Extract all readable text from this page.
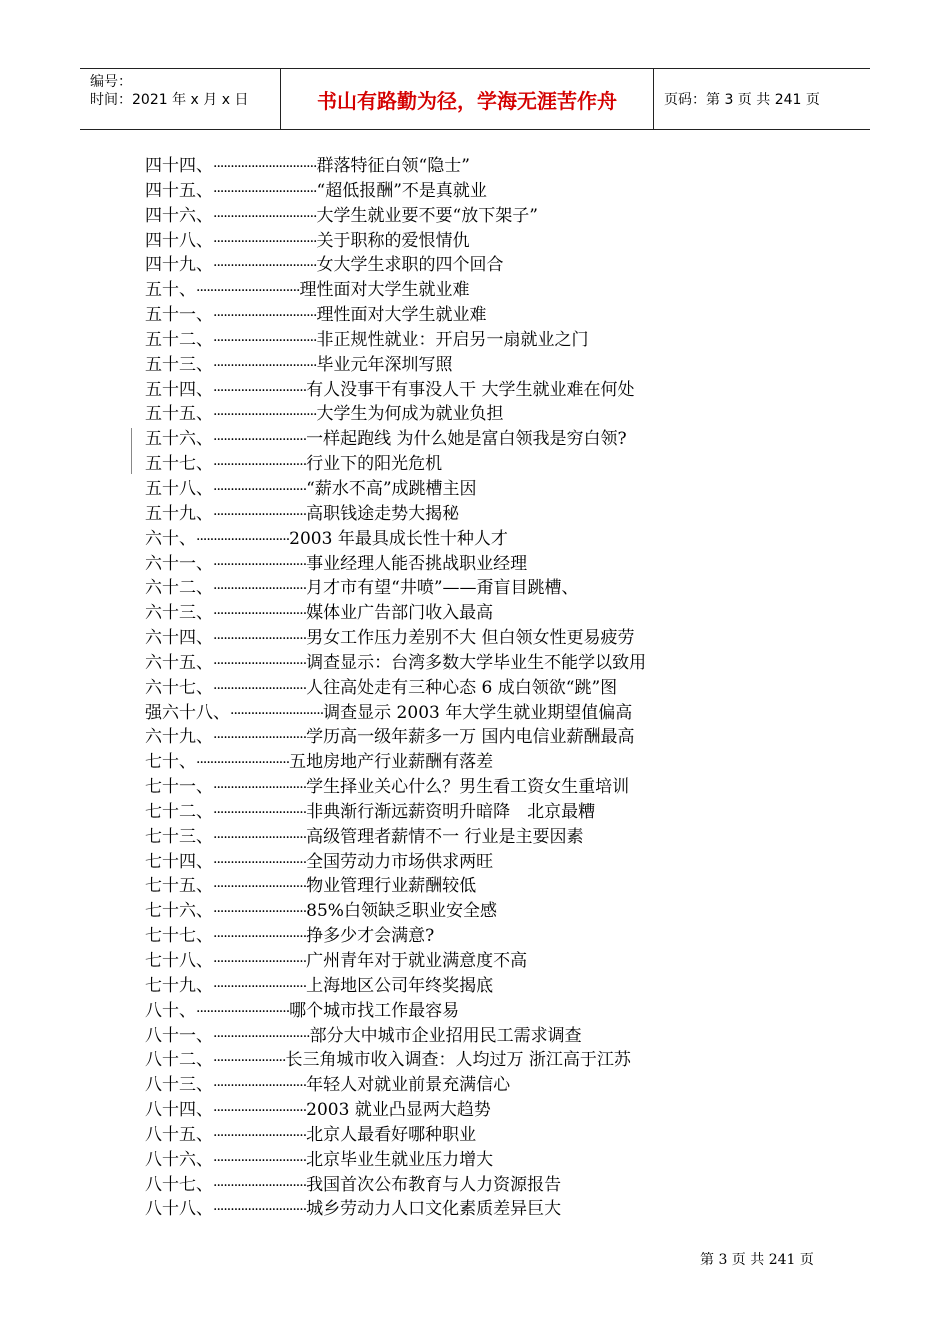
编号：
时间：2021 年 x 月 x 日	书山有路勤为径，学海无涯苦作舟	页码：第 3 页 共 241 页
四十四、······························群落特征白领“隐士”
四十五、······························“超低报酬”不是真就业
四十六、······························大学生就业要不要“放下架子”
四十八、······························关于职称的爱恨情仇
四十九、······························女大学生求职的四个回合
五十、······························理性面对大学生就业难
五十一、······························理性面对大学生就业难
五十二、······························非正规性就业：开启另一扇就业之门
五十三、······························毕业元年深圳写照
五十四、···························有人没事干有事没人干 大学生就业难在何处
五十五、······························大学生为何成为就业负担
五十六、···························一样起跑线 为什么她是富白领我是穷白领?
五十七、···························行业下的阳光危机
五十八、···························“薪水不高”成跳槽主因
五十九、···························高职钱途走势大揭秘
六十、···························2003 年最具成长性十种人才
六十一、···························事业经理人能否挑战职业经理
六十二、···························月才市有望“井喷”——甭盲目跳槽、
六十三、···························媒体业广告部门收入最高
六十四、···························男女工作压力差别不大 但白领女性更易疲劳
六十五、···························调查显示：台湾多数大学毕业生不能学以致用
六十七、···························人往高处走有三种心态 6 成白领欲“跳”图
强六十八、···························调查显示 2003 年大学生就业期望值偏高
六十九、···························学历高一级年薪多一万 国内电信业薪酬最高
七十、···························五地房地产行业薪酬有落差
七十一、···························学生择业关心什么？男生看工资女生重培训
七十二、···························非典渐行渐远薪资明升暗降　北京最糟
七十三、···························高级管理者薪情不一 行业是主要因素
七十四、···························全国劳动力市场供求两旺
七十五、···························物业管理行业薪酬较低
七十六、···························85%白领缺乏职业安全感
七十七、···························挣多少才会满意?
七十八、···························广州青年对于就业满意度不高
七十九、···························上海地区公司年终奖揭底
八十、···························哪个城市找工作最容易
八十一、····························部分大中城市企业招用民工需求调查
八十二、·····················长三角城市收入调查：人均过万 浙江高于江苏
八十三、···························年轻人对就业前景充满信心
八十四、···························2003 就业凸显两大趋势
八十五、···························北京人最看好哪种职业
八十六、···························北京毕业生就业压力增大
八十七、···························我国首次公布教育与人力资源报告
八十八、···························城乡劳动力人口文化素质差异巨大
第 3 页 共 241 页
